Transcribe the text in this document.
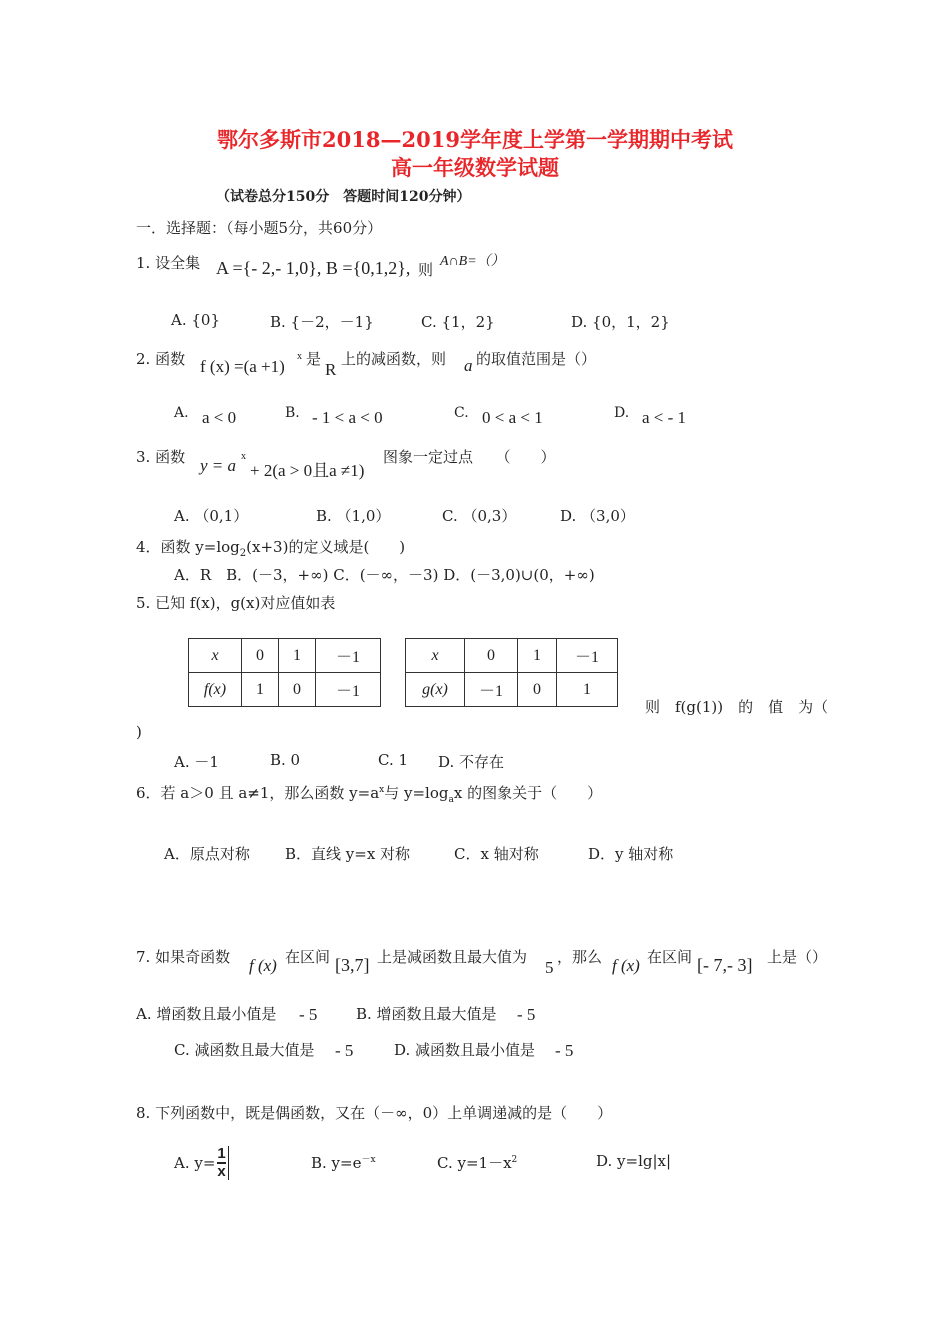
鄂尔多斯市2018—2019学年度上学第一学期期中考试
高一年级数学试题
（试卷总分150分　答题时间120分钟）
一．选择题：（每小题5分，共60分）
1. 设全集 A ={- 2,- 1,0}, B ={0,1,2}, 则 A∩B=（）
A. {0}	B. {－2，－1}	C. {1，2}	D. {0，1，2}
2. 函数 f (x) =(a +1)
x 是
R
上的减函数，则 a 的取值范围是（）
A. a < 0	B. - 1 < a < 0	C. 0 < a < 1	D. a < - 1
3. 函数 y = a x
+ 2(a > 0且a ≠1)
图象一定过点　　（　　）
A. （0,1）	B. （1,0）	C. （0,3）	D. （3,0）
4．函数 $y=\log_2(x+3)$的定义域是(　　)
A．R　B．(－3，+∞) C．(－∞，－3) D．(－3,0)∪(0，+∞)
5. 已知 f(x)，g(x)对应值如表
x	0	1	－1
f(x)	1	0	－1
x	0	1	－1
g(x)	－1	0	1
则　f(g(1))　的　值　为（
)
A. －1	B. 0	C. 1 D. 不存在
6．若 a＞0 且 a≠1，那么函数 $y=a^x$与 $y=\log_ax$ 的图象关于（　　）
A．原点对称 B．直线 y=x 对称	C．x 轴对称	D．y 轴对称
7. 如果奇函数 f (x) 在区间 [3,7] 上是减函数且最大值为
5
，那么 f (x) 在区间 [- 7,- 3] 上是（）
A. 增函数且最小值是 - 5	B. 增函数且最大值是 - 5
C. 减函数且最大值是 - 5	D. 减函数且最小值是 - 5
8. 下列函数中，既是偶函数，又在（－∞，0）上单调递减的是（　　）
A. $y= \frac{1}{x}$	B. $y=e^{-x}$	C. $y=1-x^2$	D. y=lg|x|
